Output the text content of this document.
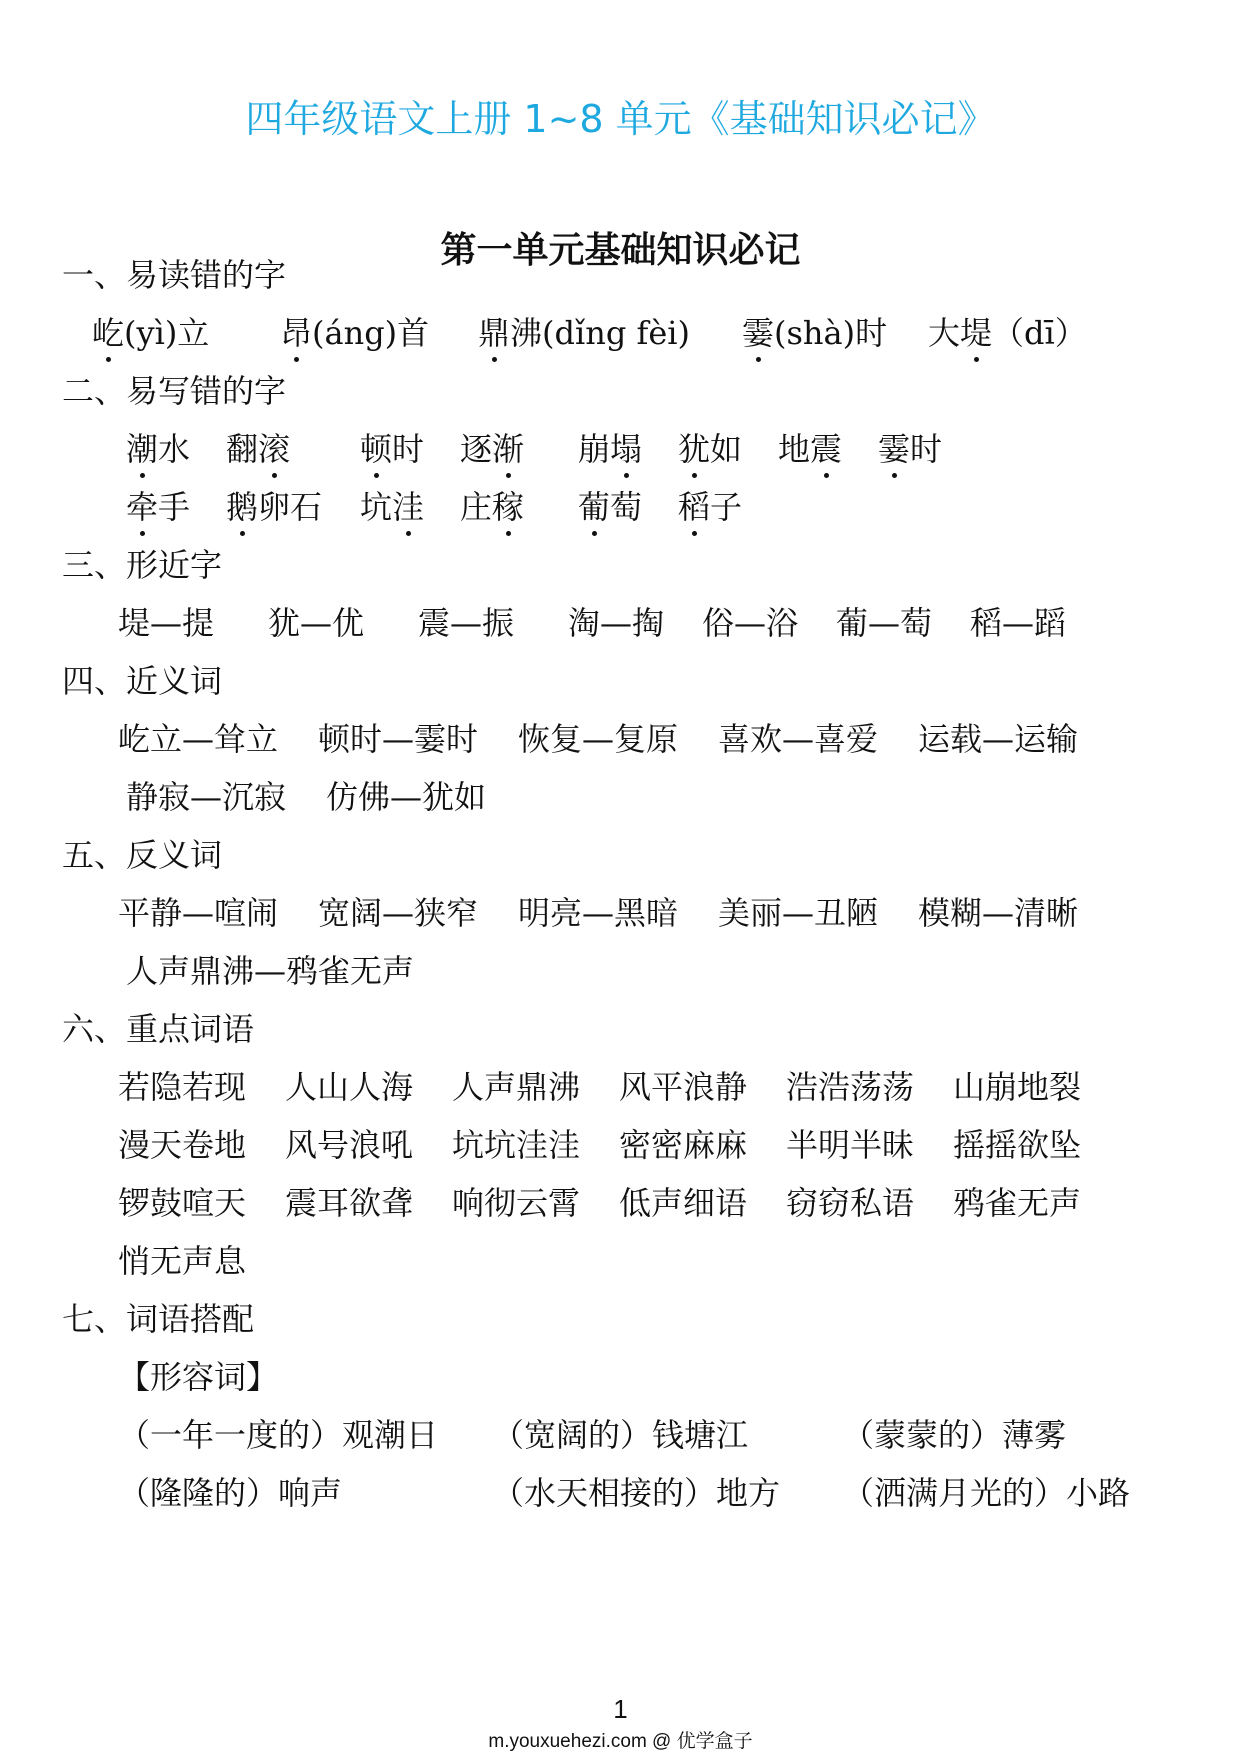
四年级语文上册 1~8 单元《基础知识必记》
第一单元基础知识必记
一、易读错的字
屹(yì)立 昂(áng)首 鼎沸(dǐng fèi) 霎(shà)时 大堤（dī）
二、易写错的字
潮水 翻滚 顿时 逐渐 崩塌 犹如 地震 霎时
牵手 鹅卵石 坑洼 庄稼 葡萄 稻子
三、形近字
堤—提 犹—优 震—振 淘—掏 俗—浴 葡—萄 稻—蹈
四、近义词
屹立—耸立 顿时—霎时 恢复—复原 喜欢—喜爱 运载—运输
静寂—沉寂 仿佛—犹如
五、反义词
平静—喧闹 宽阔—狭窄 明亮—黑暗 美丽—丑陋 模糊—清晰
人声鼎沸—鸦雀无声
六、重点词语
若隐若现 人山人海 人声鼎沸 风平浪静 浩浩荡荡 山崩地裂
漫天卷地 风号浪吼 坑坑洼洼 密密麻麻 半明半昧 摇摇欲坠
锣鼓喧天 震耳欲聋 响彻云霄 低声细语 窃窃私语 鸦雀无声
悄无声息
七、词语搭配
【形容词】
（一年一度的）观潮日 （宽阔的）钱塘江	（蒙蒙的）薄雾
（隆隆的）响声	（水天相接的）地方 （洒满月光的）小路
1
m.youxuehezi.com @ 优学盒子
